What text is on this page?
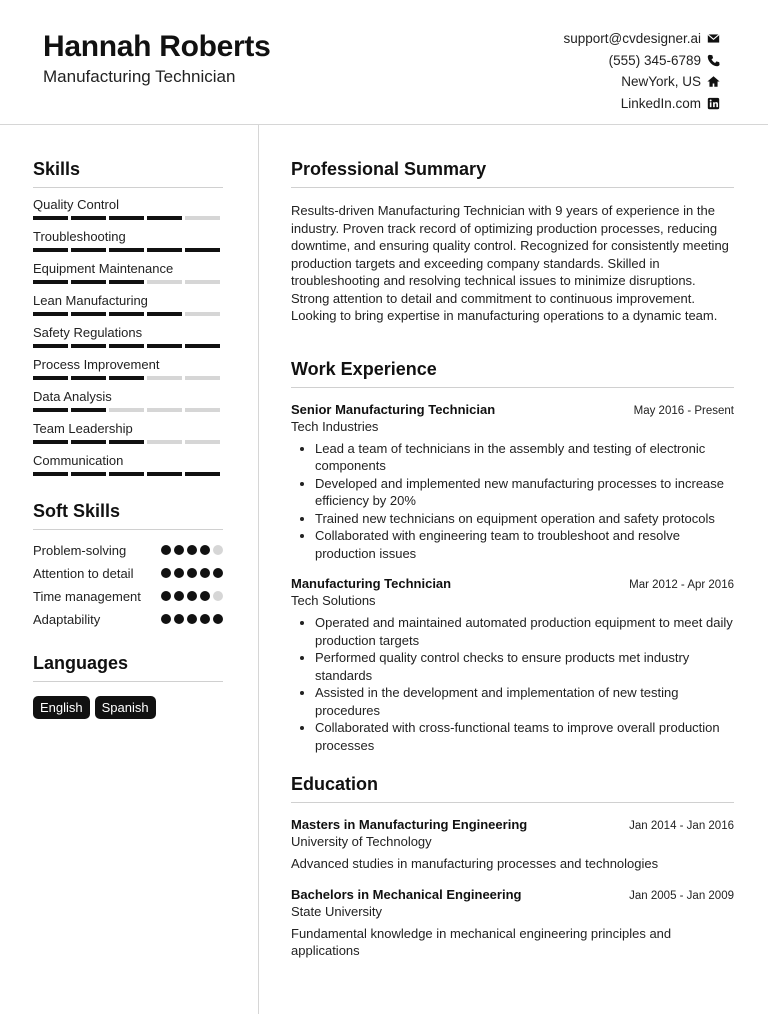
Hannah Roberts
Manufacturing Technician
support@cvdesigner.ai
(555) 345-6789
NewYork, US
LinkedIn.com
Skills
Quality Control
Troubleshooting
Equipment Maintenance
Lean Manufacturing
Safety Regulations
Process Improvement
Data Analysis
Team Leadership
Communication
Soft Skills
Problem-solving
Attention to detail
Time management
Adaptability
Languages
English	Spanish
Professional Summary
Results-driven Manufacturing Technician with 9 years of experience in the industry. Proven track record of optimizing production processes, reducing downtime, and ensuring quality control. Recognized for consistently meeting production targets and exceeding company standards. Skilled in troubleshooting and resolving technical issues to minimize disruptions. Strong attention to detail and commitment to continuous improvement. Looking to bring expertise in manufacturing operations to a dynamic team.
Work Experience
Senior Manufacturing Technician	May 2016 - Present
Tech Industries
• Lead a team of technicians in the assembly and testing of electronic components
• Developed and implemented new manufacturing processes to increase efficiency by 20%
• Trained new technicians on equipment operation and safety protocols
• Collaborated with engineering team to troubleshoot and resolve production issues
Manufacturing Technician	Mar 2012 - Apr 2016
Tech Solutions
• Operated and maintained automated production equipment to meet daily production targets
• Performed quality control checks to ensure products met industry standards
• Assisted in the development and implementation of new testing procedures
• Collaborated with cross-functional teams to improve overall production processes
Education
Masters in Manufacturing Engineering	Jan 2014 - Jan 2016
University of Technology
Advanced studies in manufacturing processes and technologies
Bachelors in Mechanical Engineering	Jan 2005 - Jan 2009
State University
Fundamental knowledge in mechanical engineering principles and applications
